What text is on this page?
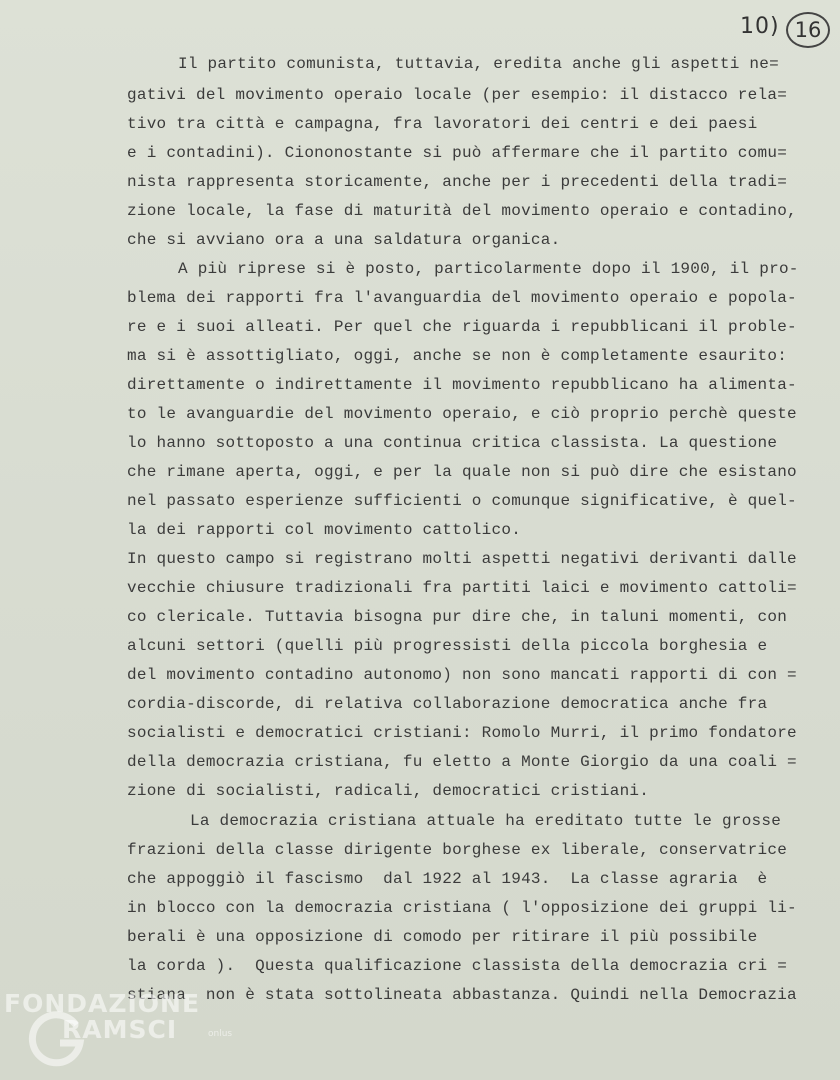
10) 16
Il partito comunista, tuttavia, eredita anche gli aspetti ne=
gativi del movimento operaio locale (per esempio: il distacco rela=
tivo tra città e campagna, fra lavoratori dei centri e dei paesi
e i contadini). Ciononostante si può affermare che il partito comu=
nista rappresenta storicamente, anche per i precedenti della tradi=
zione locale, la fase di maturità del movimento operaio e contadino,
che si avviano ora a una saldatura organica.
A più riprese si è posto, particolarmente dopo il 1900, il pro-
blema dei rapporti fra l'avanguardia del movimento operaio e popola-
re e i suoi alleati. Per quel che riguarda i repubblicani il proble-
ma si è assottigliato, oggi, anche se non è completamente esaurito:
direttamente o indirettamente il movimento repubblicano ha alimenta-
to le avanguardie del movimento operaio, e ciò proprio perchè queste
lo hanno sottoposto a una continua critica classista. La questione
che rimane aperta, oggi, e per la quale non si può dire che esistano
nel passato esperienze sufficienti o comunque significative, è quel-
la dei rapporti col movimento cattolico.
In questo campo si registrano molti aspetti negativi derivanti dalle
vecchie chiusure tradizionali fra partiti laici e movimento cattoli=
co clericale. Tuttavia bisogna pur dire che, in taluni momenti, con
alcuni settori (quelli più progressisti della piccola borghesia e
del movimento contadino autonomo) non sono mancati rapporti di con =
cordia-discorde, di relativa collaborazione democratica anche fra
socialisti e democratici cristiani: Romolo Murri, il primo fondatore
della democrazia cristiana, fu eletto a Monte Giorgio da una coali =
zione di socialisti, radicali, democratici cristiani.
La democrazia cristiana attuale ha ereditato tutte le grosse
frazioni della classe dirigente borghese ex liberale, conservatrice
che appoggiò il fascismo  dal 1922 al 1943.  La classe agraria  è
in blocco con la democrazia cristiana ( l'opposizione dei gruppi li-
berali è una opposizione di comodo per ritirare il più possibile
la corda ).  Questa qualificazione classista della democrazia cri =
stiana  non è stata sottolineata abbastanza. Quindi nella Democrazia
FONDAZIONE
RAMSCI	onlus
